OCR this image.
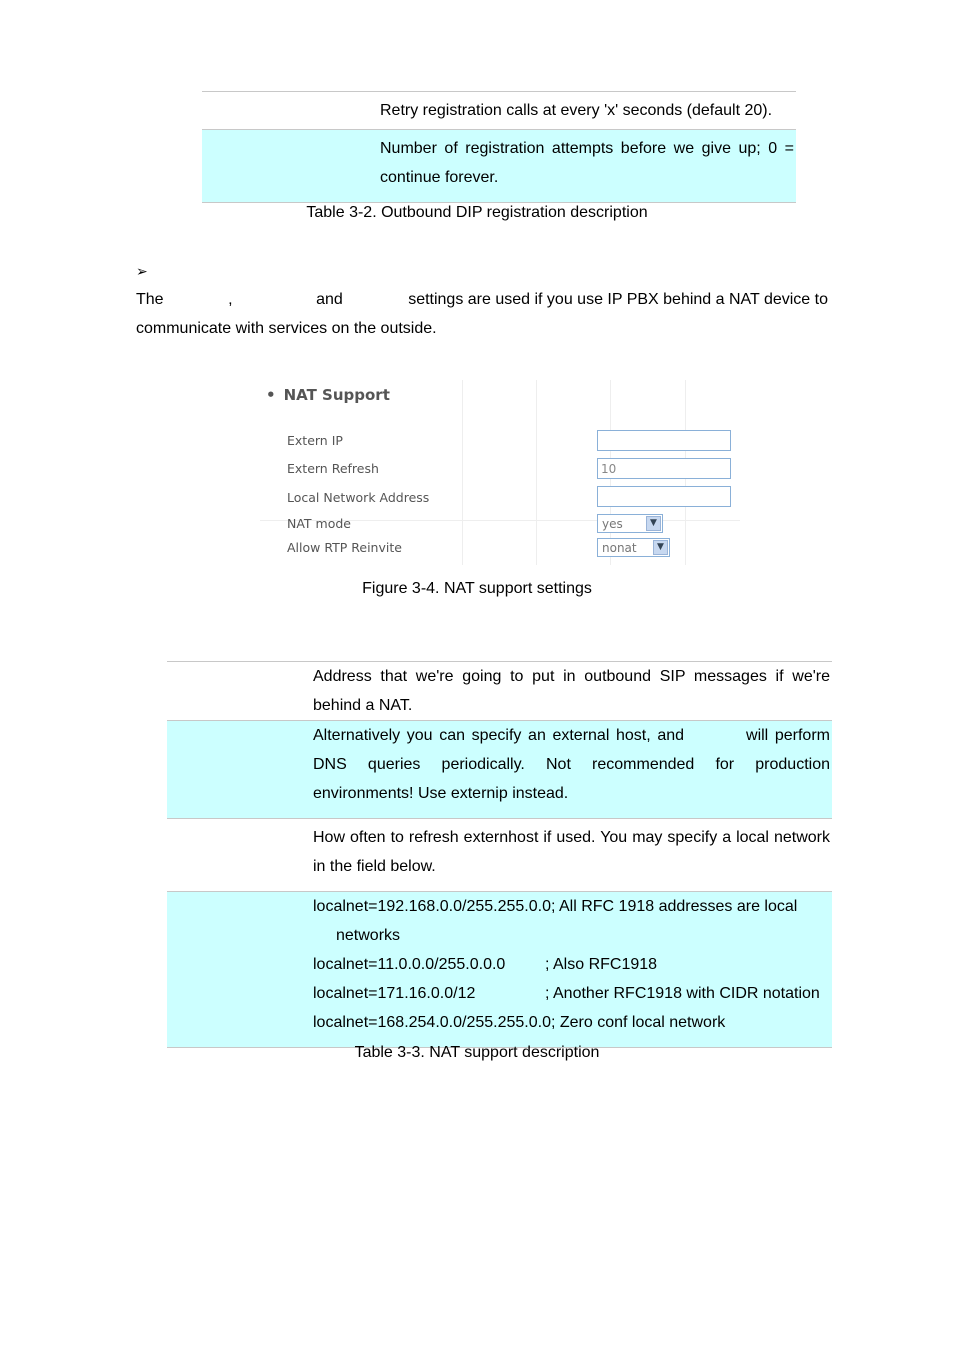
Retry registration calls at every 'x' seconds (default 20).
Number of registration attempts before we give up; 0 =
continue forever.
Table 3-2. Outbound DIP registration description
➢
The	,	and	settings are used if you use IP PBX behind a NAT device to
communicate with services on the outside.
• NAT Support
Extern IP
Extern Refresh	10
Local Network Address
NAT mode	yes	▼
Allow RTP Reinvite	nonat	▼
Figure 3-4. NAT support settings
Address that we're going to put in outbound SIP messages if we're
behind a NAT.
Alternatively you can specify an external host, and	will perform
DNS queries periodically. Not recommended for production
environments! Use externip instead.
How often to refresh externhost if used. You may specify a local network
in the field below.
localnet=192.168.0.0/255.255.0.0; All RFC 1918 addresses are local
networks
localnet=11.0.0.0/255.0.0.0	; Also RFC1918
localnet=171.16.0.0/12	; Another RFC1918 with CIDR notation
localnet=168.254.0.0/255.255.0.0; Zero conf local network
Table 3-3. NAT support description
